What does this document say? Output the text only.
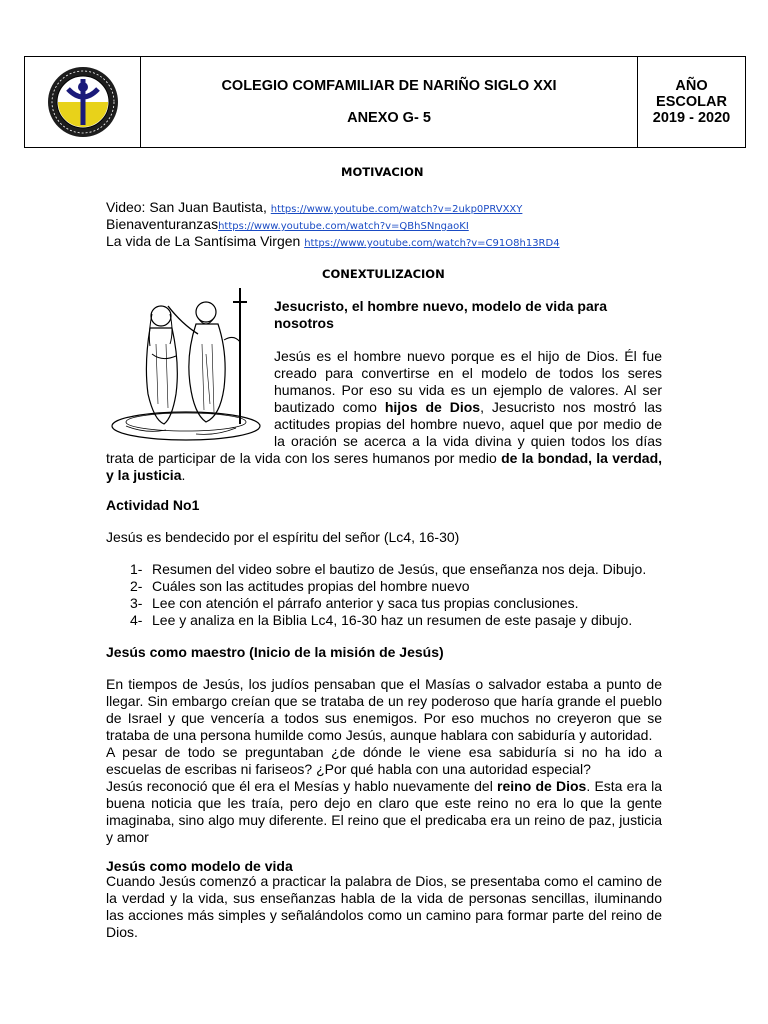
COLEGIO COMFAMILIAR DE NARIÑO SIGLO XXI
ANEXO G- 5
AÑO ESCOLAR
2019 - 2020
MOTIVACION
Video: San Juan Bautista, https://www.youtube.com/watch?v=2ukp0PRVXXY
Bienaventuranzashttps://www.youtube.com/watch?v=QBhSNngaoKI
La vida de La Santísima Virgen https://www.youtube.com/watch?v=C91O8h13RD4
CONEXTULIZACION
Jesucristo, el hombre nuevo, modelo de vida para
nosotros
Jesús es el hombre nuevo porque es el hijo de Dios. Él fue creado para convertirse en el modelo de todos los seres humanos. Por eso su vida es un ejemplo de valores. Al ser bautizado como hijos de Dios, Jesucristo nos mostró las actitudes propias del hombre nuevo, aquel que por medio de la oración se acerca a la vida divina y quien todos los días trata de participar de la vida con los seres humanos por medio de la bondad, la verdad, y la justicia.
Actividad No1
Jesús es bendecido por el espíritu del señor (Lc4, 16-30)
1- Resumen del video sobre el bautizo de Jesús, que enseñanza nos deja. Dibujo.
2- Cuáles son las actitudes propias del hombre nuevo
3- Lee con atención el párrafo anterior y saca tus propias conclusiones.
4- Lee y analiza en la Biblia Lc4, 16-30 haz un resumen de este pasaje y dibujo.
Jesús como maestro (Inicio de la misión de Jesús)
En tiempos de Jesús, los judíos pensaban que el Masías o salvador estaba a punto de llegar. Sin embargo creían que se trataba de un rey poderoso que haría grande el pueblo de Israel y que vencería a todos sus enemigos. Por eso muchos no creyeron que se trataba de una persona humilde como Jesús, aunque hablara con sabiduría y autoridad.
A pesar de todo se preguntaban ¿de dónde le viene esa sabiduría si no ha ido a escuelas de escribas ni fariseos? ¿Por qué habla con una autoridad especial?
Jesús reconoció que él era el Mesías y hablo nuevamente del reino de Dios. Esta era la buena noticia que les traía, pero dejo en claro que este reino no era lo que la gente imaginaba, sino algo muy diferente. El reino que el predicaba era un reino de paz, justicia y amor
Jesús como modelo de vida
Cuando Jesús comenzó a practicar la palabra de Dios, se presentaba como el camino de la verdad y la vida, sus enseñanzas habla de la vida de personas sencillas, iluminando las acciones más simples y señalándolos como un camino para formar parte del reino de Dios.
